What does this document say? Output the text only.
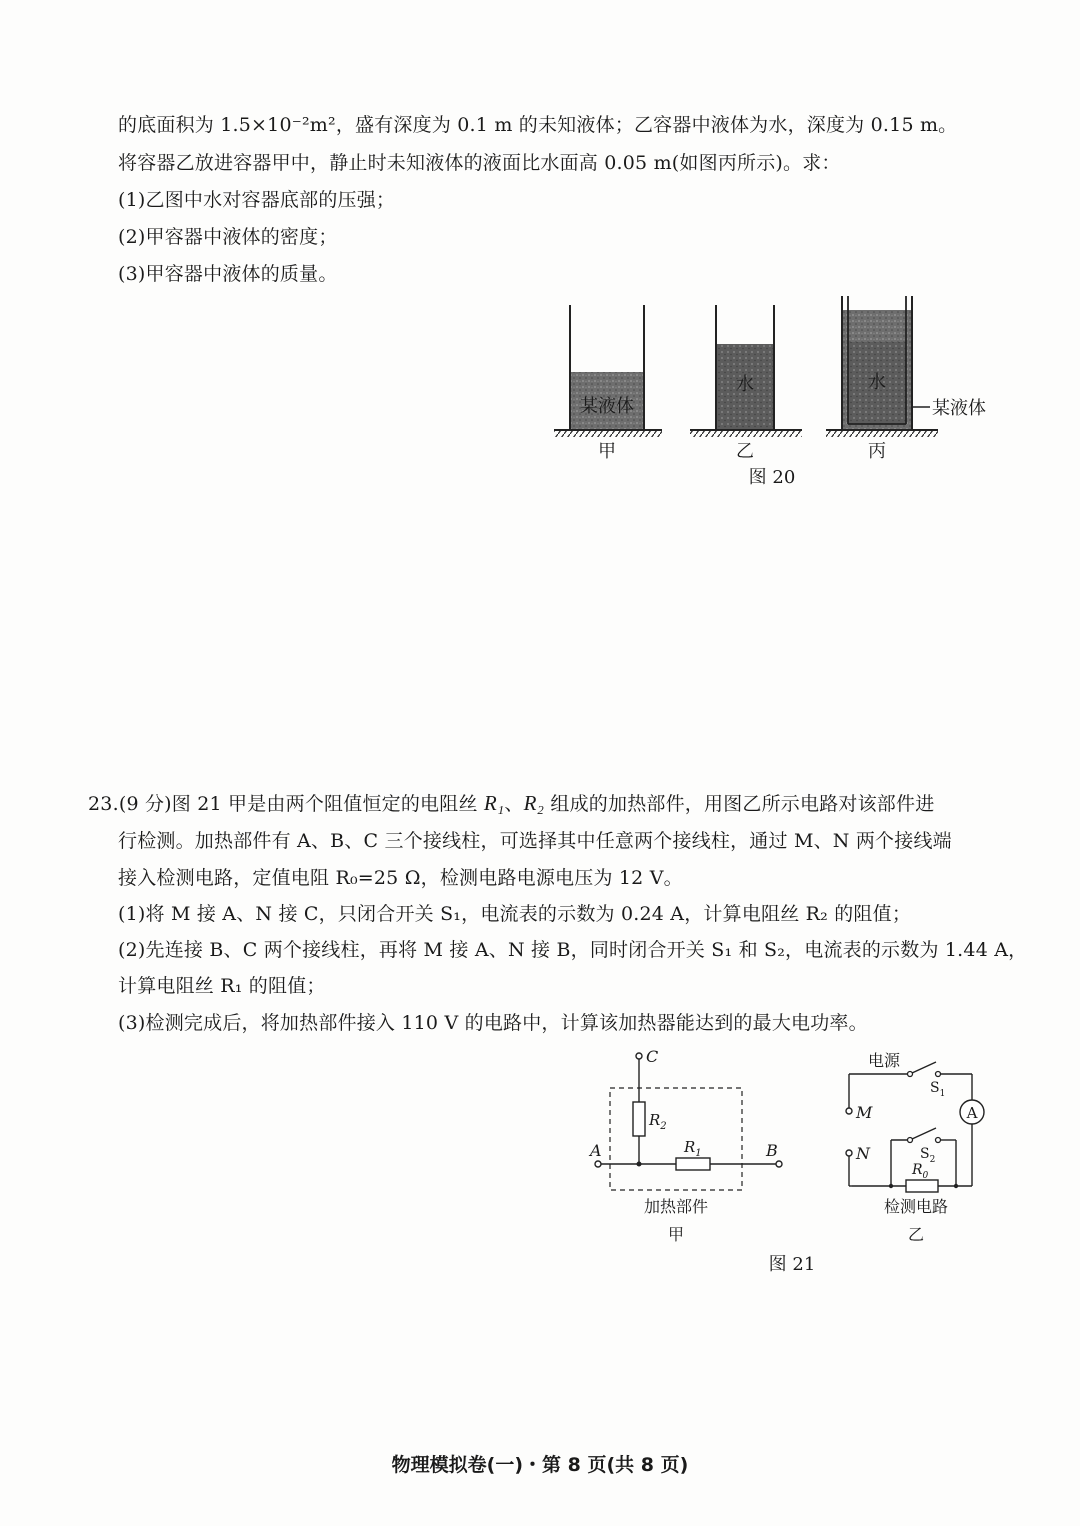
的底面积为 1.5×10⁻²m²，盛有深度为 0.1 m 的未知液体；乙容器中液体为水，深度为 0.15 m。
将容器乙放进容器甲中，静止时未知液体的液面比水面高 0.05 m(如图丙所示)。求：
(1)乙图中水对容器底部的压强；
(2)甲容器中液体的密度；
(3)甲容器中液体的质量。
某液体
甲
水
乙
水
某液体
丙
图 20
23.(9 分)图 21 甲是由两个阻值恒定的电阻丝 R₁、R₂ 组成的加热部件，用图乙所示电路对该部件进
行检测。加热部件有 A、B、C 三个接线柱，可选择其中任意两个接线柱，通过 M、N 两个接线端
接入检测电路，定值电阻 R₀=25 Ω，检测电路电源电压为 12 V。
(1)将 M 接 A、N 接 C，只闭合开关 S₁，电流表的示数为 0.24 A，计算电阻丝 R₂ 的阻值；
(2)先连接 B、C 两个接线柱，再将 M 接 A、N 接 B，同时闭合开关 S₁ 和 S₂，电流表的示数为 1.44 A，
计算电阻丝 R₁ 的阻值；
(3)检测完成后，将加热部件接入 110 V 的电路中，计算该加热器能达到的最大电功率。
C
$R_2$
A	$R_1$	B
加热部件
甲
电源
$S_1$
A
M
N	$S_2$
$R_0$
检测电路
乙
图 21
物理模拟卷(一)・第 8 页(共 8 页)
